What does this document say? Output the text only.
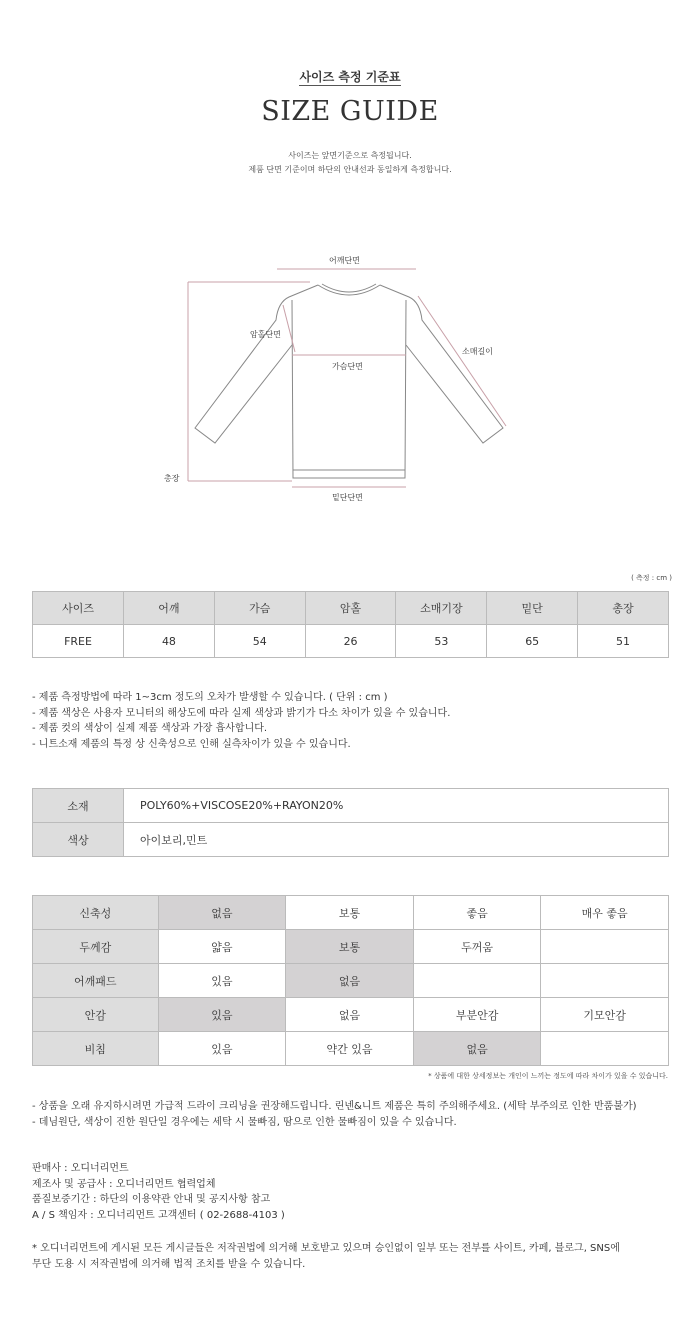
사이즈 측정 기준표
SIZE GUIDE
사이즈는 앞면기준으로 측정됩니다.
제품 단면 기준이며 하단의 안내선과 동일하게 측정합니다.
어깨단면
암홀단면
가슴단면
소매길이
총장
밑단단면
( 측정 : cm )
사이즈	어깨	가슴	암홀	소매기장	밑단	총장
FREE	48	54	26	53	65	51
- 제품 측정방법에 따라 1~3cm 정도의 오차가 발생할 수 있습니다. ( 단위 : cm )
- 제품 색상은 사용자 모니터의 해상도에 따라 실제 색상과 밝기가 다소 차이가 있을 수 있습니다.
- 제품 컷의 색상이 실제 제품 색상과 가장 흡사합니다.
- 니트소재 제품의 특정 상 신축성으로 인해 실측차이가 있을 수 있습니다.
소재	POLY60%+VISCOSE20%+RAYON20%
색상	아이보리,민트
신축성	없음	보통	좋음	매우 좋음
두께감	얇음	보통	두꺼움	
어깨패드	있음	없음		
안감	있음	없음	부분안감	기모안감
비침	있음	약간 있음	없음	
* 상품에 대한 상세정보는 개인이 느끼는 정도에 따라 차이가 있을 수 있습니다.
- 상품을 오래 유지하시려면 가급적 드라이 크리닝을 권장해드립니다. 린넨&니트 제품은 특히 주의해주세요. (세탁 부주의로 인한 반품불가)
- 데님원단, 색상이 진한 원단일 경우에는 세탁 시 물빠짐, 땀으로 인한 물빠짐이 있을 수 있습니다.
판매사 : 오디너리먼트
제조사 및 공급사 : 오디너리먼트 협력업체
품질보증기간 : 하단의 이용약관 안내 및 공지사항 참고
A / S 책임자 : 오디너리먼트 고객센터 ( 02-2688-4103 )
* 오디너리먼트에 게시된 모든 게시글들은 저작권법에 의거해 보호받고 있으며 승인없이 일부 또는 전부를 사이트, 카페, 블로그, SNS에
무단 도용 시 저작권법에 의거해 법적 조치를 받을 수 있습니다.
